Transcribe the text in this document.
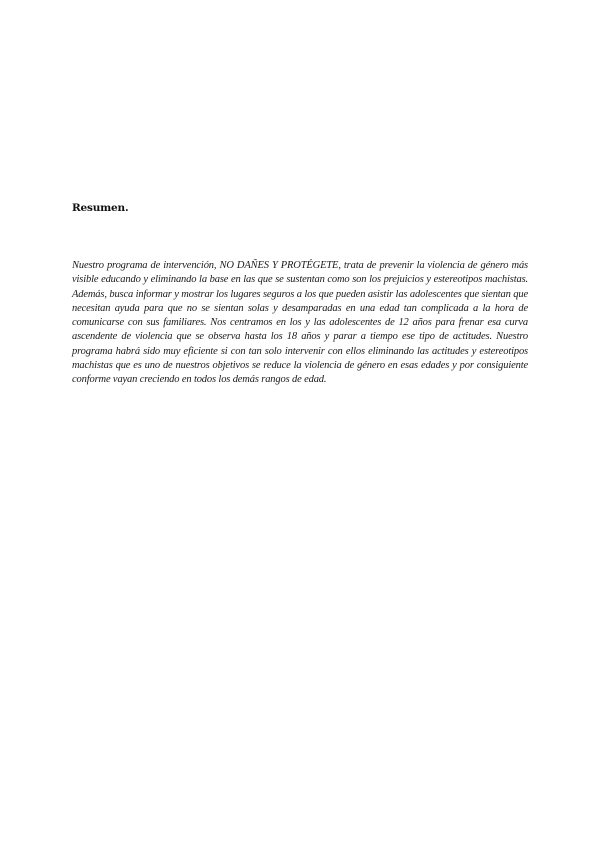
Resumen.

Nuestro programa de intervención, NO DAÑES Y PROTÉGETE, trata de prevenir la violencia de género más visible educando y eliminando la base en las que se sustentan como son los prejuicios y estereotipos machistas. Además, busca informar y mostrar los lugares seguros a los que pueden asistir las adolescentes que sientan que necesitan ayuda para que no se sientan solas y desamparadas en una edad tan complicada a la hora de comunicarse con sus familiares. Nos centramos en los y las adolescentes de 12 años para frenar esa curva ascendente de violencia que se observa hasta los 18 años y parar a tiempo ese tipo de actitudes. Nuestro programa habrá sido muy eficiente si con tan solo intervenir con ellos eliminando las actitudes y estereotipos machistas que es uno de nuestros objetivos se reduce la violencia de género en esas edades y por consiguiente conforme vayan creciendo en todos los demás rangos de edad.
